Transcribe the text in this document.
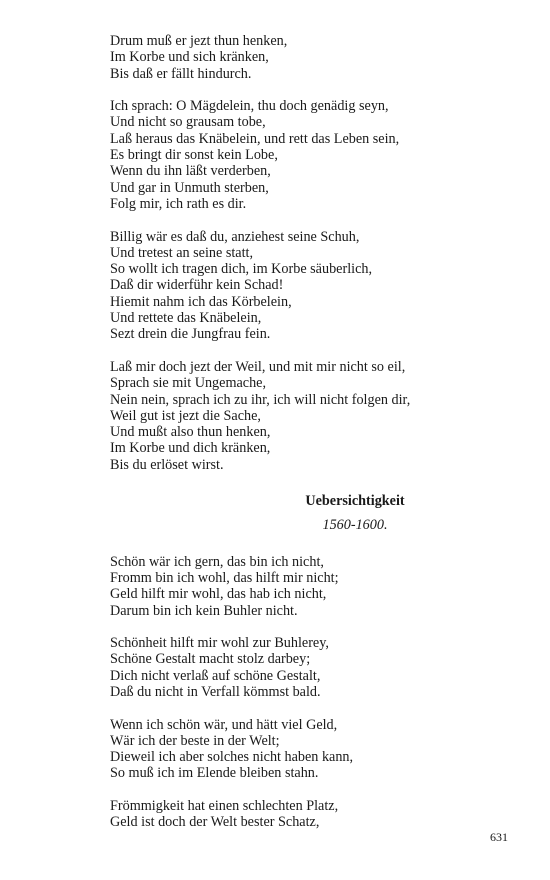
Drum muß er jezt thun henken,
Im Korbe und sich kränken,
Bis daß er fällt hindurch.
Ich sprach: O Mägdelein, thu doch genädig seyn,
Und nicht so grausam tobe,
Laß heraus das Knäbelein, und rett das Leben sein,
Es bringt dir sonst kein Lobe,
Wenn du ihn läßt verderben,
Und gar in Unmuth sterben,
Folg mir, ich rath es dir.
Billig wär es daß du, anziehest seine Schuh,
Und tretest an seine statt,
So wollt ich tragen dich, im Korbe säuberlich,
Daß dir widerführ kein Schad!
Hiemit nahm ich das Körbelein,
Und rettete das Knäbelein,
Sezt drein die Jungfrau fein.
Laß mir doch jezt der Weil, und mit mir nicht so eil,
Sprach sie mit Ungemache,
Nein nein, sprach ich zu ihr, ich will nicht folgen dir,
Weil gut ist jezt die Sache,
Und mußt also thun henken,
Im Korbe und dich kränken,
Bis du erlöset wirst.
Uebersichtigkeit
1560-1600.
Schön wär ich gern, das bin ich nicht,
Fromm bin ich wohl, das hilft mir nicht;
Geld hilft mir wohl, das hab ich nicht,
Darum bin ich kein Buhler nicht.
Schönheit hilft mir wohl zur Buhlerey,
Schöne Gestalt macht stolz darbey;
Dich nicht verlaß auf schöne Gestalt,
Daß du nicht in Verfall kömmst bald.
Wenn ich schön wär, und hätt viel Geld,
Wär ich der beste in der Welt;
Dieweil ich aber solches nicht haben kann,
So muß ich im Elende bleiben stahn.
Frömmigkeit hat einen schlechten Platz,
Geld ist doch der Welt bester Schatz,
631
